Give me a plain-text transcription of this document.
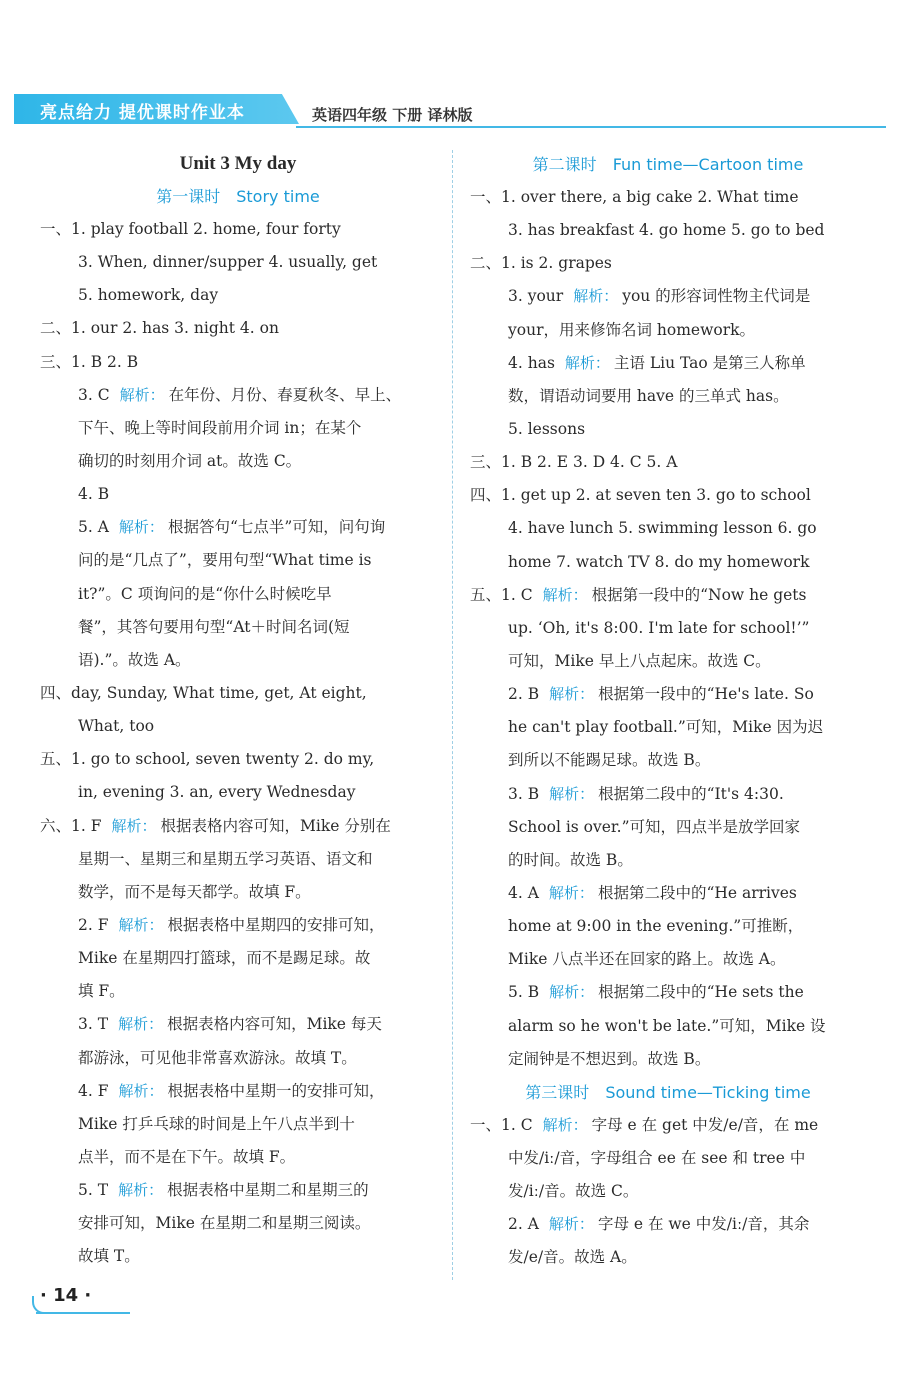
亮点给力 提优课时作业本	英语四年级 下册 译林版
Unit 3 My day
第一课时 Story time
一、1. play football 2. home, four forty
3. When, dinner/supper 4. usually, get
5. homework, day
二、1. our 2. has 3. night 4. on
三、1. B 2. B
3. C 解析： 在年份、月份、春夏秋冬、早上、
下午、晚上等时间段前用介词 in；在某个
确切的时刻用介词 at。故选 C。
4. B
5. A 解析： 根据答句“七点半”可知，问句询
问的是“几点了”，要用句型“What time is
it?”。C 项询问的是“你什么时候吃早
餐”，其答句要用句型“At＋时间名词(短
语).”。故选 A。
四、day, Sunday, What time, get, At eight,
What, too
五、1. go to school, seven twenty 2. do my,
in, evening 3. an, every Wednesday
六、1. F 解析： 根据表格内容可知，Mike 分别在
星期一、星期三和星期五学习英语、语文和
数学，而不是每天都学。故填 F。
2. F 解析： 根据表格中星期四的安排可知，
Mike 在星期四打篮球，而不是踢足球。故
填 F。
3. T 解析： 根据表格内容可知，Mike 每天
都游泳，可见他非常喜欢游泳。故填 T。
4. F 解析： 根据表格中星期一的安排可知，
Mike 打乒乓球的时间是上午八点半到十
点半，而不是在下午。故填 F。
5. T 解析： 根据表格中星期二和星期三的
安排可知，Mike 在星期二和星期三阅读。
故填 T。
第二课时 Fun time—Cartoon time
一、1. over there, a big cake 2. What time
3. has breakfast 4. go home 5. go to bed
二、1. is 2. grapes
3. your 解析： you 的形容词性物主代词是
your，用来修饰名词 homework。
4. has 解析： 主语 Liu Tao 是第三人称单
数，谓语动词要用 have 的三单式 has。
5. lessons
三、1. B 2. E 3. D 4. C 5. A
四、1. get up 2. at seven ten 3. go to school
4. have lunch 5. swimming lesson 6. go
home 7. watch TV 8. do my homework
五、1. C 解析： 根据第一段中的“Now he gets
up. ‘Oh, it's 8:00. I'm late for school!’”
可知，Mike 早上八点起床。故选 C。
2. B 解析： 根据第一段中的“He's late. So
he can't play football.”可知，Mike 因为迟
到所以不能踢足球。故选 B。
3. B 解析： 根据第二段中的“It's 4:30.
School is over.”可知，四点半是放学回家
的时间。故选 B。
4. A 解析： 根据第二段中的“He arrives
home at 9:00 in the evening.”可推断，
Mike 八点半还在回家的路上。故选 A。
5. B 解析： 根据第二段中的“He sets the
alarm so he won't be late.”可知，Mike 设
定闹钟是不想迟到。故选 B。
第三课时 Sound time—Ticking time
一、1. C 解析： 字母 e 在 get 中发/e/音，在 me
中发/iː/音，字母组合 ee 在 see 和 tree 中
发/iː/音。故选 C。
2. A 解析： 字母 e 在 we 中发/iː/音，其余
发/e/音。故选 A。
· 14 ·
